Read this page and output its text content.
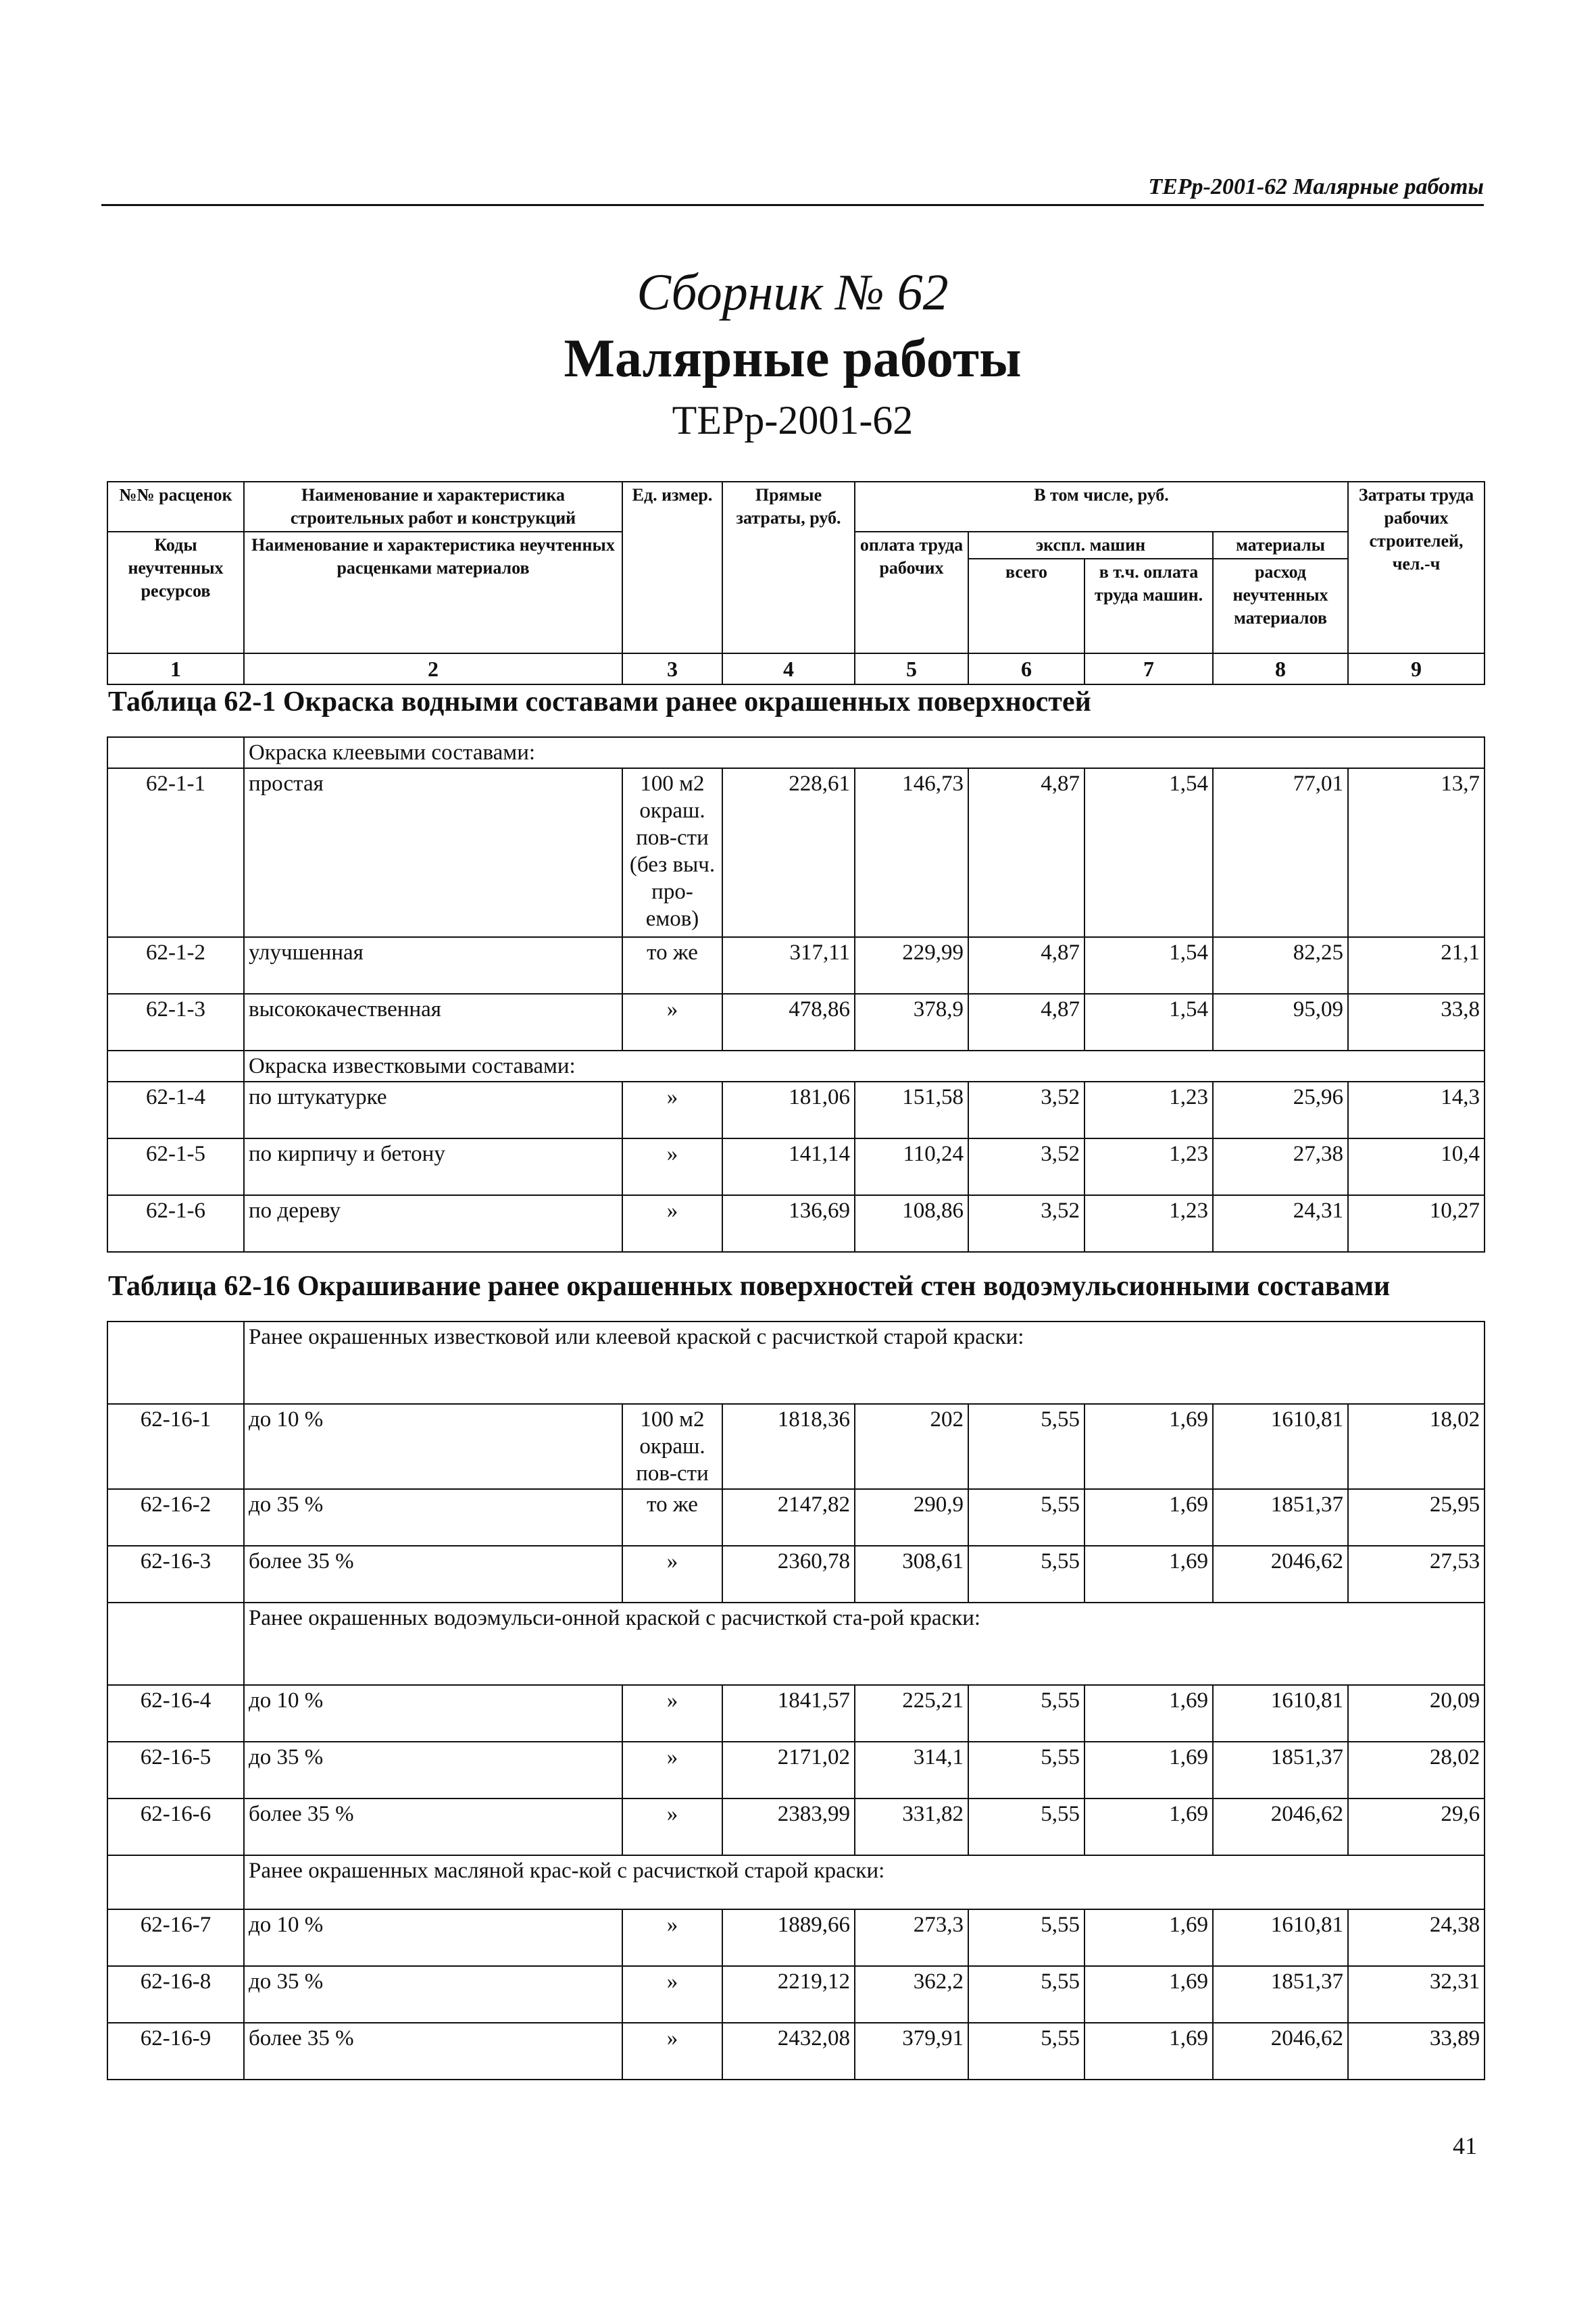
ТЕРр-2001-62 Малярные работы
Сборник № 62
Малярные работы
ТЕРр-2001-62
№№ расценок	Наименование и характеристика строительных работ и конструкций	Ед. измер.	Прямые затраты, руб.	В том числе, руб.				Затраты труда рабочих строителей, чел.-ч
Коды неучтенных ресурсов	Наименование и характеристика неучтенных расценками материалов			оплата труда рабочих	экспл. машин		материалы	
					всего	в т.ч. оплата труда машин.	расход неучтенных материалов	
1	2	3	4	5	6	7	8	9
Таблица 62-1 Окраска водными составами ранее окрашенных поверхностей
	Окраска клеевыми составами:							
62-1-1	простая	100 м2 окраш. пов-сти (без выч. про-емов)	228,61	146,73	4,87	1,54	77,01	13,7
62-1-2	улучшенная	то же	317,11	229,99	4,87	1,54	82,25	21,1
62-1-3	высококачественная	»	478,86	378,9	4,87	1,54	95,09	33,8
	Окраска известковыми составами:							
62-1-4	по штукатурке	»	181,06	151,58	3,52	1,23	25,96	14,3
62-1-5	по кирпичу и бетону	»	141,14	110,24	3,52	1,23	27,38	10,4
62-1-6	по дереву	»	136,69	108,86	3,52	1,23	24,31	10,27
Таблица 62-16 Окрашивание ранее окрашенных поверхностей стен водоэмульсионными составами
	Ранее окрашенных известковой или клеевой краской с расчисткой старой краски:							
62-16-1	до 10 %	100 м2 окраш. пов-сти	1818,36	202	5,55	1,69	1610,81	18,02
62-16-2	до 35 %	то же	2147,82	290,9	5,55	1,69	1851,37	25,95
62-16-3	более 35 %	»	2360,78	308,61	5,55	1,69	2046,62	27,53
	Ранее окрашенных водоэмульси-онной краской с расчисткой ста-рой краски:							
62-16-4	до 10 %	»	1841,57	225,21	5,55	1,69	1610,81	20,09
62-16-5	до 35 %	»	2171,02	314,1	5,55	1,69	1851,37	28,02
62-16-6	более 35 %	»	2383,99	331,82	5,55	1,69	2046,62	29,6
	Ранее окрашенных масляной крас-кой с расчисткой старой краски:							
62-16-7	до 10 %	»	1889,66	273,3	5,55	1,69	1610,81	24,38
62-16-8	до 35 %	»	2219,12	362,2	5,55	1,69	1851,37	32,31
62-16-9	более 35 %	»	2432,08	379,91	5,55	1,69	2046,62	33,89
41
